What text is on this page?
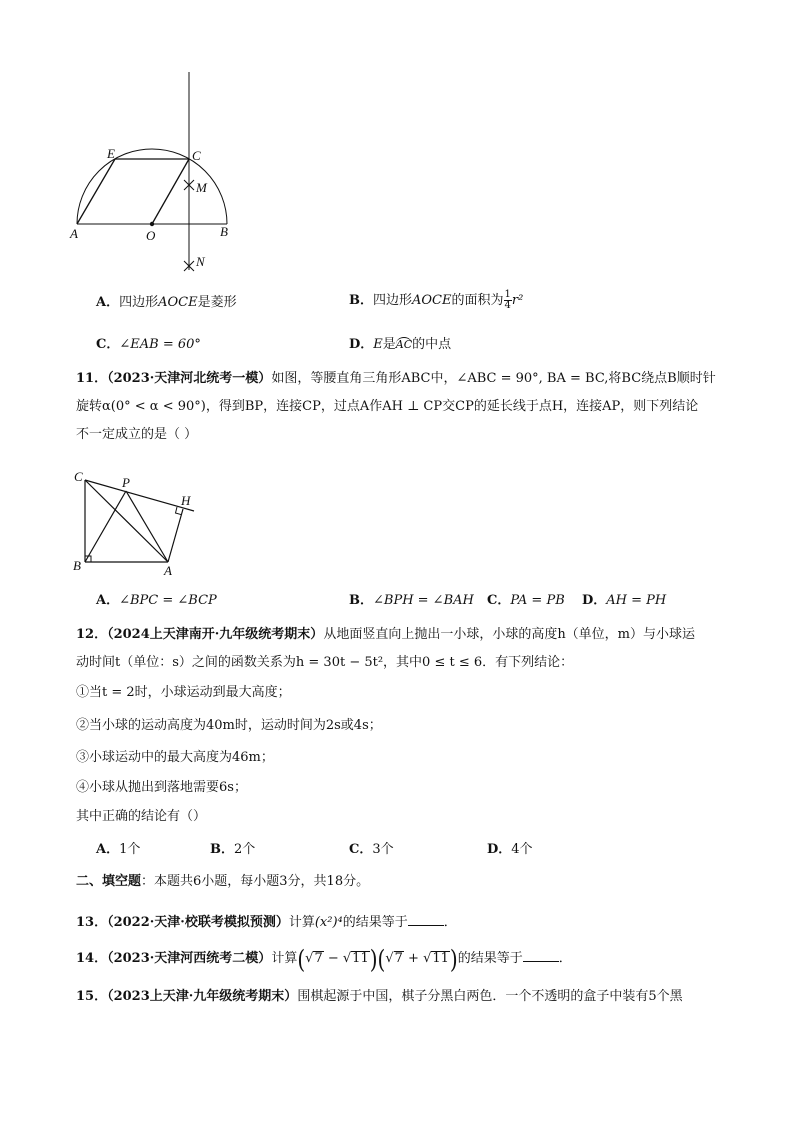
E	C
M
A	O	B
N
A．四边形AOCE是菱形	B．四边形AOCE的面积为 $\frac{1}{4} r^2$
C．∠EAB = 60°	D．E是AC的中点
11．（2023·天津河北统考一模）如图，等腰直角三角形ABC中，∠ABC = 90°, BA = BC,将BC绕点B顺时针
旋转α(0° < α < 90°)，得到BP，连接CP，过点A作AH ⊥ CP交CP的延长线于点H，连接AP，则下列结论
不一定成立的是（ ）
C	P
H
B	A
A．∠BPC = ∠BCP	B．∠BPH = ∠BAH C．PA = PB D．AH = PH
12．（2024上天津南开·九年级统考期末）从地面竖直向上抛出一小球，小球的高度h（单位，m）与小球运
动时间t（单位：s）之间的函数关系为h = 30t − 5t²，其中0 ≤ t ≤ 6．有下列结论：
①当t = 2时，小球运动到最大高度；
②当小球的运动高度为40m时，运动时间为2s或4s；
③小球运动中的最大高度为46m；
④小球从抛出到落地需要6s；
其中正确的结论有（）
A．1个	B．2个	C．3个	D．4个
二、填空题：本题共6小题，每小题3分，共18分。
13．（2022·天津·校联考模拟预测）计算(x²)⁴的结果等于	．
14．（2023·天津河西统考二模）计算(√7 − √11)(√7 + √11)的结果等于	．
15．（2023上天津·九年级统考期末）围棋起源于中国，棋子分黑白两色．一个不透明的盒子中装有5个黑
